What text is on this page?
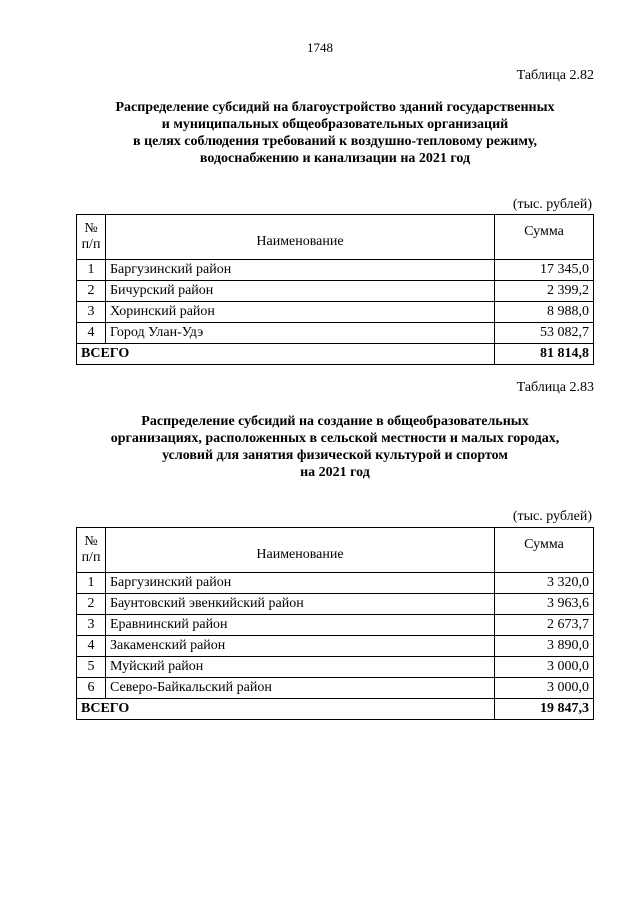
1748
Таблица 2.82
Распределение субсидий на благоустройство зданий государственных
и муниципальных общеобразовательных организаций
в целях соблюдения требований к воздушно-тепловому режиму,
водоснабжению и канализации на 2021 год
(тыс. рублей)
№ п/п	Наименование	Сумма
1	Баргузинский район	17 345,0
2	Бичурский район	2 399,2
3	Хоринский район	8 988,0
4	Город Улан-Удэ	53 082,7
ВСЕГО		81 814,8
Таблица 2.83
Распределение субсидий на создание в общеобразовательных
организациях, расположенных в сельской местности и малых городах,
условий для занятия физической культурой и спортом
на 2021 год
(тыс. рублей)
№ п/п	Наименование	Сумма
1	Баргузинский район	3 320,0
2	Баунтовский эвенкийский район	3 963,6
3	Еравнинский район	2 673,7
4	Закаменский район	3 890,0
5	Муйский район	3 000,0
6	Северо-Байкальский район	3 000,0
ВСЕГО		19 847,3
